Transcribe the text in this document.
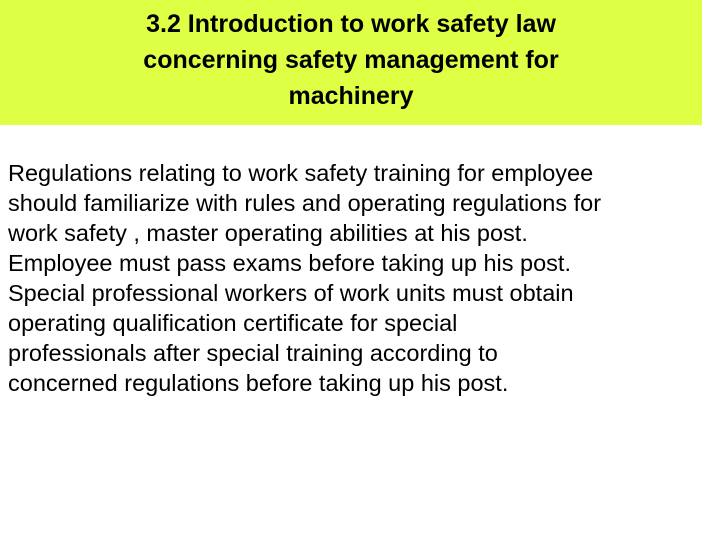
3.2 Introduction to work safety law
concerning safety management for
machinery

Regulations relating to work safety training for employee
should familiarize with rules and operating regulations for
work safety , master operating abilities at his post.
Employee must pass exams before taking up his post.
Special professional workers of work units must obtain
operating qualification certificate for special
professionals after special training according to
concerned regulations before taking up his post.
